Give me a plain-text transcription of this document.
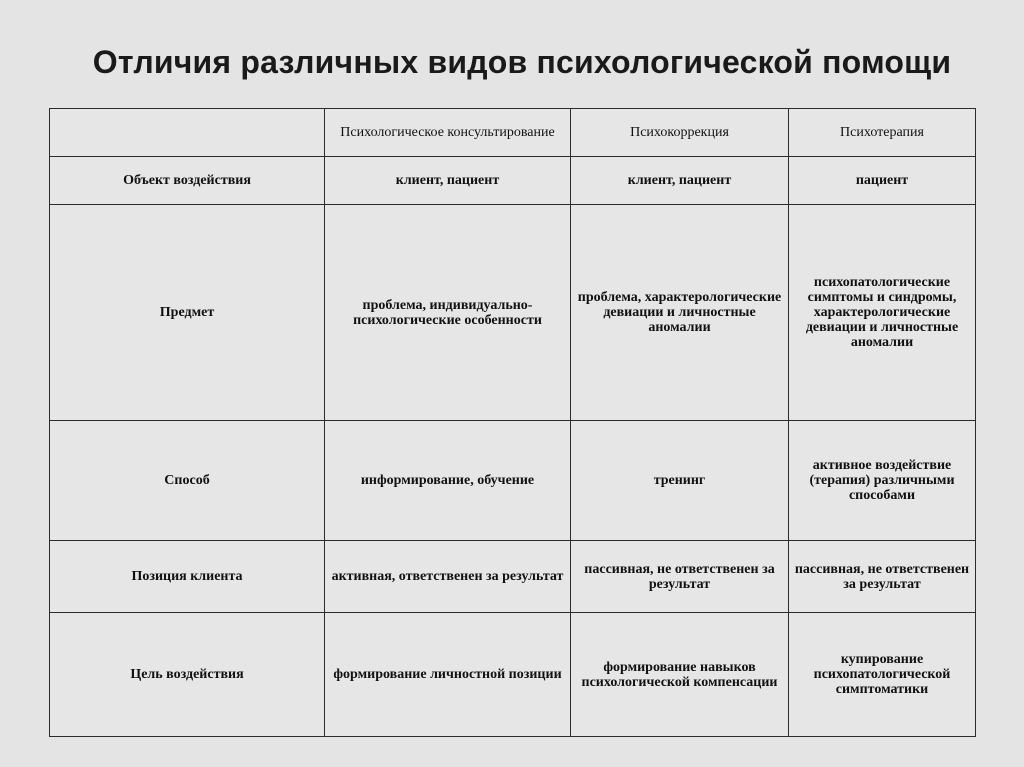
Отличия различных видов психологической помощи
	Психологическое консультирование	Психокоррекция	Психотерапия
Объект воздействия	клиент, пациент	клиент, пациент	пациент
Предмет	проблема, индивидуально-психологические особенности	проблема, характерологические девиации и личностные аномалии	психопатологические симптомы и синдромы, характерологические девиации и личностные аномалии
Способ	информирование, обучение	тренинг	активное воздействие (терапия) различными способами
Позиция клиента	активная, ответственен за результат	пассивная, не ответственен за результат	пассивная, не ответственен за результат
Цель воздействия	формирование личностной позиции	формирование навыков психологической компенсации	купирование психопатологической симптоматики
